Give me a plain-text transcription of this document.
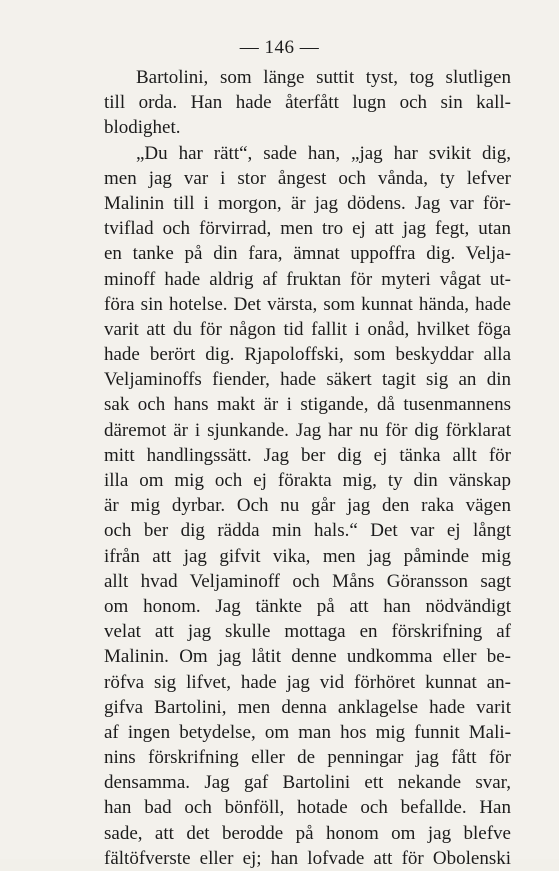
— 146 —
Bartolini, som länge suttit tyst, tog slutligen
till orda. Han hade återfått lugn och sin kall-
blodighet.
„Du har rätt“, sade han, „jag har svikit dig,
men jag var i stor ångest och vånda, ty lefver
Malinin till i morgon, är jag dödens. Jag var för-
tviflad och förvirrad, men tro ej att jag fegt, utan
en tanke på din fara, ämnat uppoffra dig. Velja-
minoff hade aldrig af fruktan för myteri vågat ut-
föra sin hotelse. Det värsta, som kunnat hända, hade
varit att du för någon tid fallit i onåd, hvilket föga
hade berört dig. Rjapoloffski, som beskyddar alla
Veljaminoffs fiender, hade säkert tagit sig an din
sak och hans makt är i stigande, då tusenmannens
däremot är i sjunkande. Jag har nu för dig förklarat
mitt handlingssätt. Jag ber dig ej tänka allt för
illa om mig och ej förakta mig, ty din vänskap
är mig dyrbar. Och nu går jag den raka vägen
och ber dig rädda min hals.“ Det var ej långt
ifrån att jag gifvit vika, men jag påminde mig
allt hvad Veljaminoff och Måns Göransson sagt
om honom. Jag tänkte på att han nödvändigt
velat att jag skulle mottaga en förskrifning af
Malinin. Om jag låtit denne undkomma eller be-
röfva sig lifvet, hade jag vid förhöret kunnat an-
gifva Bartolini, men denna anklagelse hade varit
af ingen betydelse, om man hos mig funnit Mali-
nins förskrifning eller de penningar jag fått för
densamma. Jag gaf Bartolini ett nekande svar,
han bad och bönföll, hotade och befallde. Han
sade, att det berodde på honom om jag blefve
fältöfverste eller ej; han lofvade att för Obolenski
